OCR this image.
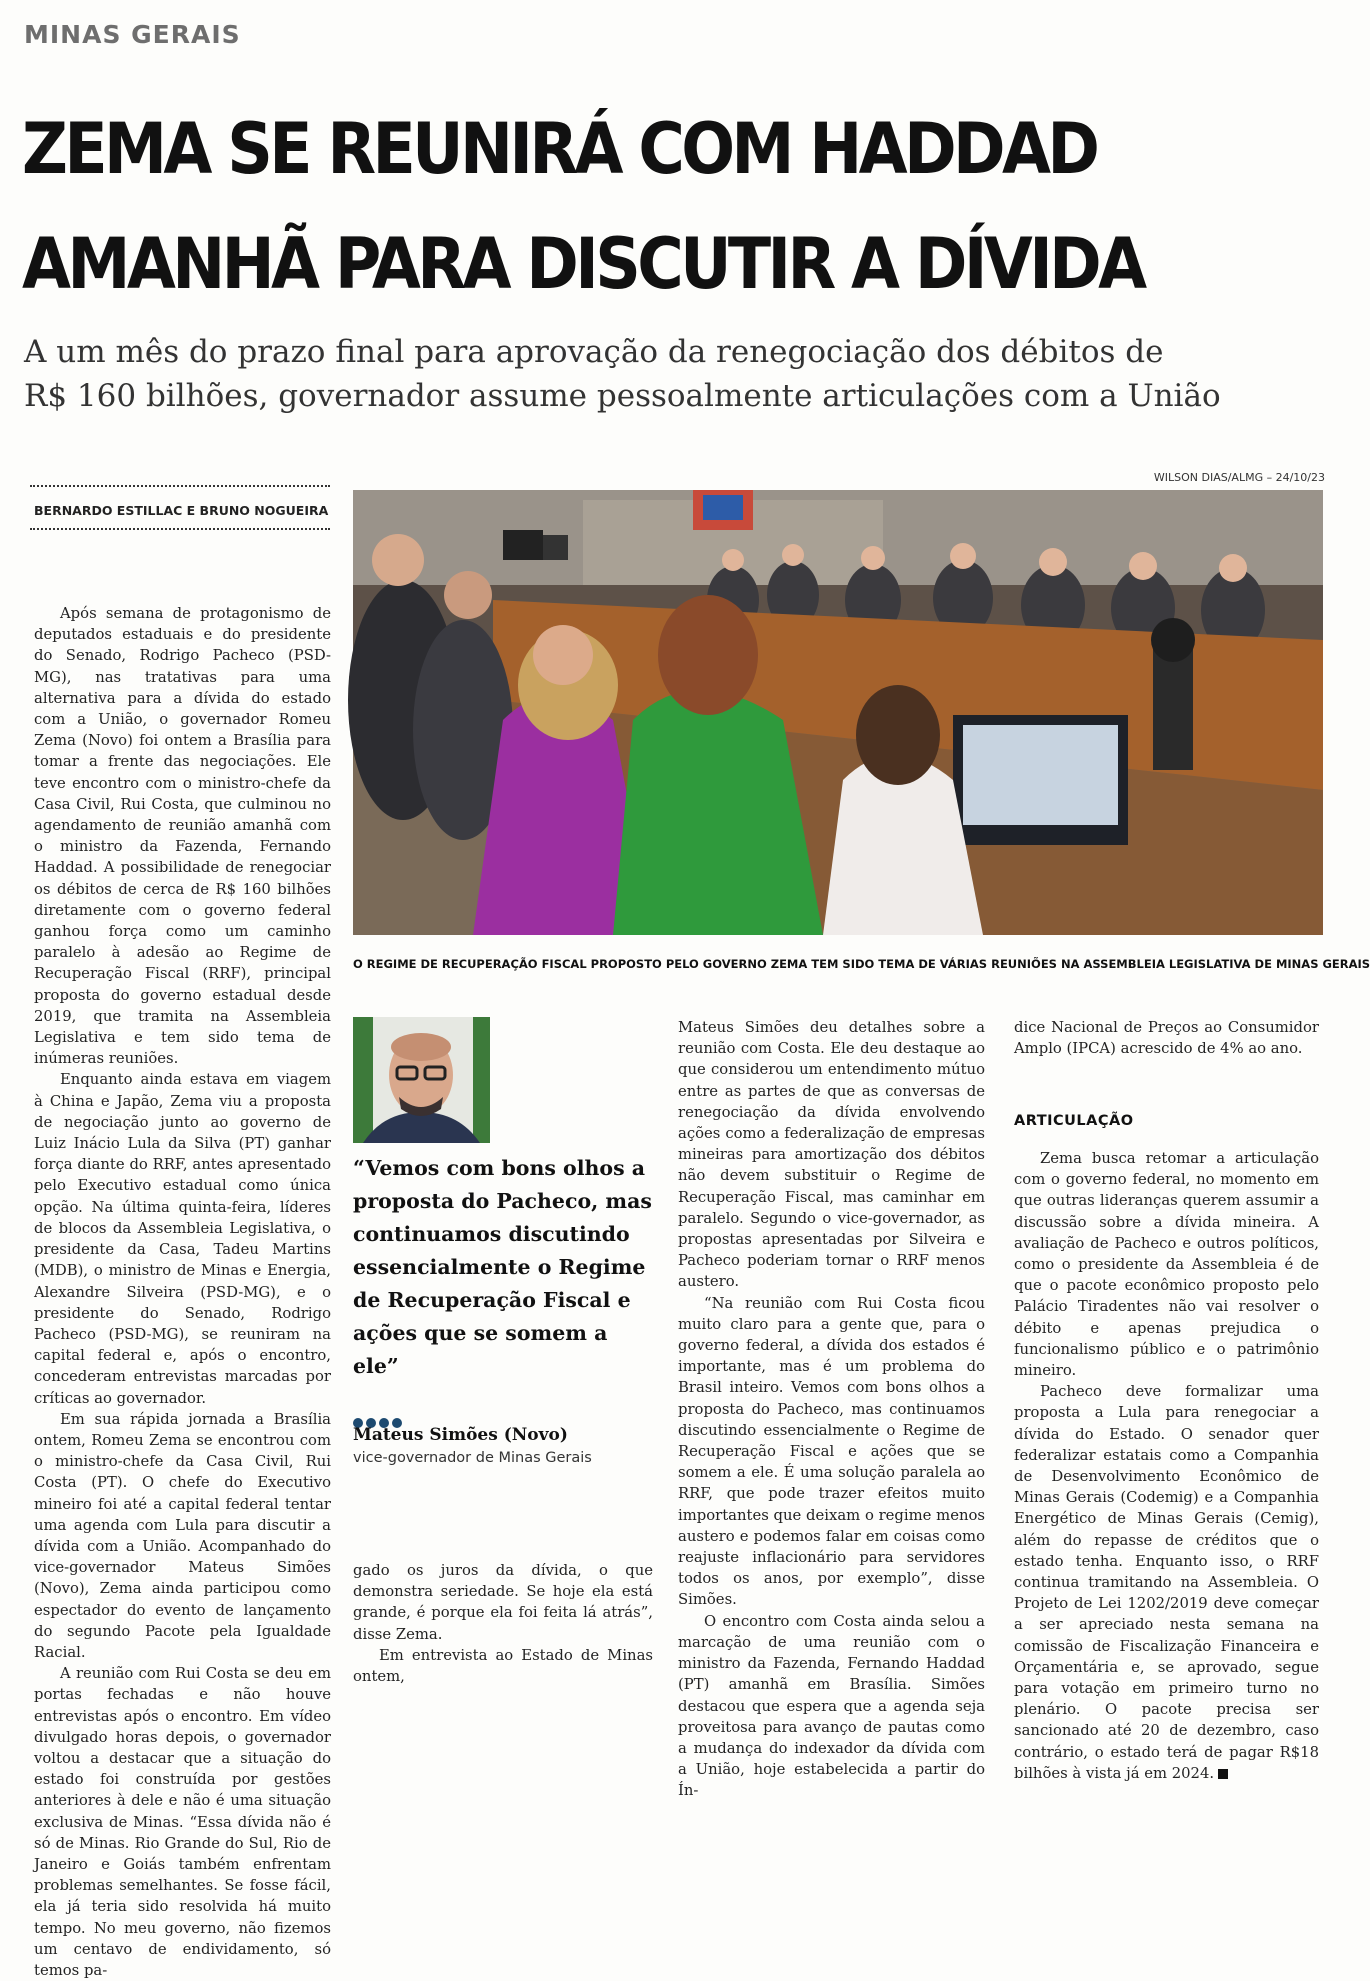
MINAS GERAIS
ZEMA SE REUNIRÁ COM HADDAD
AMANHÃ PARA DISCUTIR A DÍVIDA
A um mês do prazo final para aprovação da renegociação dos débitos de
R$ 160 bilhões, governador assume pessoalmente articulações com a União
WILSON DIAS/ALMG – 24/10/23
BERNARDO ESTILLAC E BRUNO NOGUEIRA

Após semana de protagonismo de deputados estaduais e do presidente do Senado, Rodrigo Pacheco (PSD-MG), nas tratativas para uma alternativa para a dívida do estado com a União, o governador Romeu Zema (Novo) foi ontem a Brasília para tomar a frente das negociações. Ele teve encontro com o ministro-chefe da Casa Civil, Rui Costa, que culminou no agendamento de reunião amanhã com o ministro da Fazenda, Fernando Haddad. A possibilidade de renegociar os débitos de cerca de R$ 160 bilhões diretamente com o governo federal ganhou força como um caminho paralelo à adesão ao Regime de Recuperação Fiscal (RRF), principal proposta do governo estadual desde 2019, que tramita na Assembleia Legislativa e tem sido tema de inúmeras reuniões.

Enquanto ainda estava em viagem à China e Japão, Zema viu a proposta de negociação junto ao governo de Luiz Inácio Lula da Silva (PT) ganhar força diante do RRF, antes apresentado pelo Executivo estadual como única opção. Na última quinta-feira, líderes de blocos da Assembleia Legislativa, o presidente da Casa, Tadeu Martins (MDB), o ministro de Minas e Energia, Alexandre Silveira (PSD-MG), e o presidente do Senado, Rodrigo Pacheco (PSD-MG), se reuniram na capital federal e, após o encontro, concederam entrevistas marcadas por críticas ao governador.

Em sua rápida jornada a Brasília ontem, Romeu Zema se encontrou com o ministro-chefe da Casa Civil, Rui Costa (PT). O chefe do Executivo mineiro foi até a capital federal tentar uma agenda com Lula para discutir a dívida com a União. Acompanhado do vice-governador Mateus Simões (Novo), Zema ainda participou como espectador do evento de lançamento do segundo Pacote pela Igualdade Racial.

A reunião com Rui Costa se deu em portas fechadas e não houve entrevistas após o encontro. Em vídeo divulgado horas depois, o governador voltou a destacar que a situação do estado foi construída por gestões anteriores à dele e não é uma situação exclusiva de Minas. “Essa dívida não é só de Minas. Rio Grande do Sul, Rio de Janeiro e Goiás também enfrentam problemas semelhantes. Se fosse fácil, ela já teria sido resolvida há muito tempo. No meu governo, não fizemos um centavo de endividamento, só temos pa-

O REGIME DE RECUPERAÇÃO FISCAL PROPOSTO PELO GOVERNO ZEMA TEM SIDO TEMA DE VÁRIAS REUNIÕES NA ASSEMBLEIA LEGISLATIVA DE MINAS GERAIS
“Vemos com bons olhos a proposta do Pacheco, mas continuamos discutindo essencialmente o Regime de Recuperação Fiscal e ações que se somem a ele”
Mateus Simões (Novo)
vice-governador de Minas Gerais

gado os juros da dívida, o que demonstra seriedade. Se hoje ela está grande, é porque ela foi feita lá atrás”, disse Zema.

Em entrevista ao Estado de Minas ontem,

Mateus Simões deu detalhes sobre a reunião com Costa. Ele deu destaque ao que considerou um entendimento mútuo entre as partes de que as conversas de renegociação da dívida envolvendo ações como a federalização de empresas mineiras para amortização dos débitos não devem substituir o Regime de Recuperação Fiscal, mas caminhar em paralelo. Segundo o vice-governador, as propostas apresentadas por Silveira e Pacheco poderiam tornar o RRF menos austero.

“Na reunião com Rui Costa ficou muito claro para a gente que, para o governo federal, a dívida dos estados é importante, mas é um problema do Brasil inteiro. Vemos com bons olhos a proposta do Pacheco, mas continuamos discutindo essencialmente o Regime de Recuperação Fiscal e ações que se somem a ele. É uma solução paralela ao RRF, que pode trazer efeitos muito importantes que deixam o regime menos austero e podemos falar em coisas como reajuste inflacionário para servidores todos os anos, por exemplo”, disse Simões.

O encontro com Costa ainda selou a marcação de uma reunião com o ministro da Fazenda, Fernando Haddad (PT) amanhã em Brasília. Simões destacou que espera que a agenda seja proveitosa para avanço de pautas como a mudança do indexador da dívida com a União, hoje estabelecida a partir do Ín-

dice Nacional de Preços ao Consumidor Amplo (IPCA) acrescido de 4% ao ano.

ARTICULAÇÃO

Zema busca retomar a articulação com o governo federal, no momento em que outras lideranças querem assumir a discussão sobre a dívida mineira. A avaliação de Pacheco e outros políticos, como o presidente da Assembleia é de que o pacote econômico proposto pelo Palácio Tiradentes não vai resolver o débito e apenas prejudica o funcionalismo público e o patrimônio mineiro.

Pacheco deve formalizar uma proposta a Lula para renegociar a dívida do Estado. O senador quer federalizar estatais como a Companhia de Desenvolvimento Econômico de Minas Gerais (Codemig) e a Companhia Energético de Minas Gerais (Cemig), além do repasse de créditos que o estado tenha. Enquanto isso, o RRF continua tramitando na Assembleia. O Projeto de Lei 1202/2019 deve começar a ser apreciado nesta semana na comissão de Fiscalização Financeira e Orçamentária e, se aprovado, segue para votação em primeiro turno no plenário. O pacote precisa ser sancionado até 20 de dezembro, caso contrário, o estado terá de pagar R$18 bilhões à vista já em 2024.
